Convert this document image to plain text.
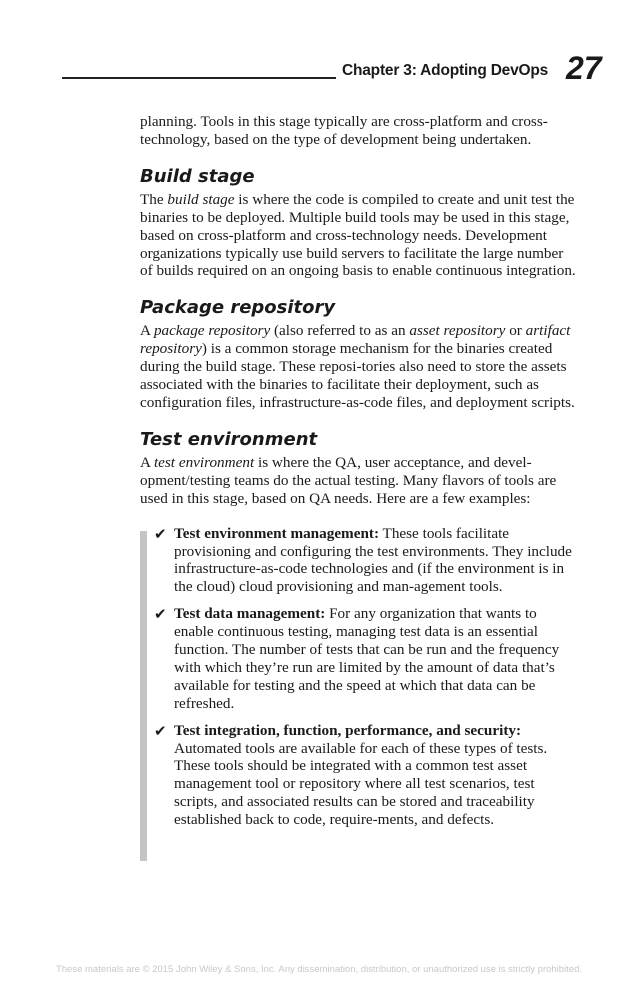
Chapter 3: Adopting DevOps 27

planning. Tools in this stage typically are cross-platform and cross-technology, based on the type of development being undertaken.

Build stage

The build stage is where the code is compiled to create and unit test the binaries to be deployed. Multiple build tools may be used in this stage, based on cross-platform and cross-technology needs. Development organizations typically use build servers to facilitate the large number of builds required on an ongoing basis to enable continuous integration.

Package repository

A package repository (also referred to as an asset repository or artifact repository) is a common storage mechanism for the binaries created during the build stage. These reposi-tories also need to store the assets associated with the binaries to facilitate their deployment, such as configuration files, infrastructure-as-code files, and deployment scripts.

Test environment

A test environment is where the QA, user acceptance, and devel-opment/testing teams do the actual testing. Many flavors of tools are used in this stage, based on QA needs. Here are a few examples:

✔ Test environment management: These tools facilitate provisioning and configuring the test environments. They include infrastructure-as-code technologies and (if the environment is in the cloud) cloud provisioning and man-agement tools.

✔ Test data management: For any organization that wants to enable continuous testing, managing test data is an essential function. The number of tests that can be run and the frequency with which they’re run are limited by the amount of data that’s available for testing and the speed at which that data can be refreshed.

✔ Test integration, function, performance, and security: Automated tools are available for each of these types of tests. These tools should be integrated with a common test asset management tool or repository where all test scenarios, test scripts, and associated results can be stored and traceability established back to code, require-ments, and defects.

These materials are © 2015 John Wiley & Sons, Inc. Any dissemination, distribution, or unauthorized use is strictly prohibited.
